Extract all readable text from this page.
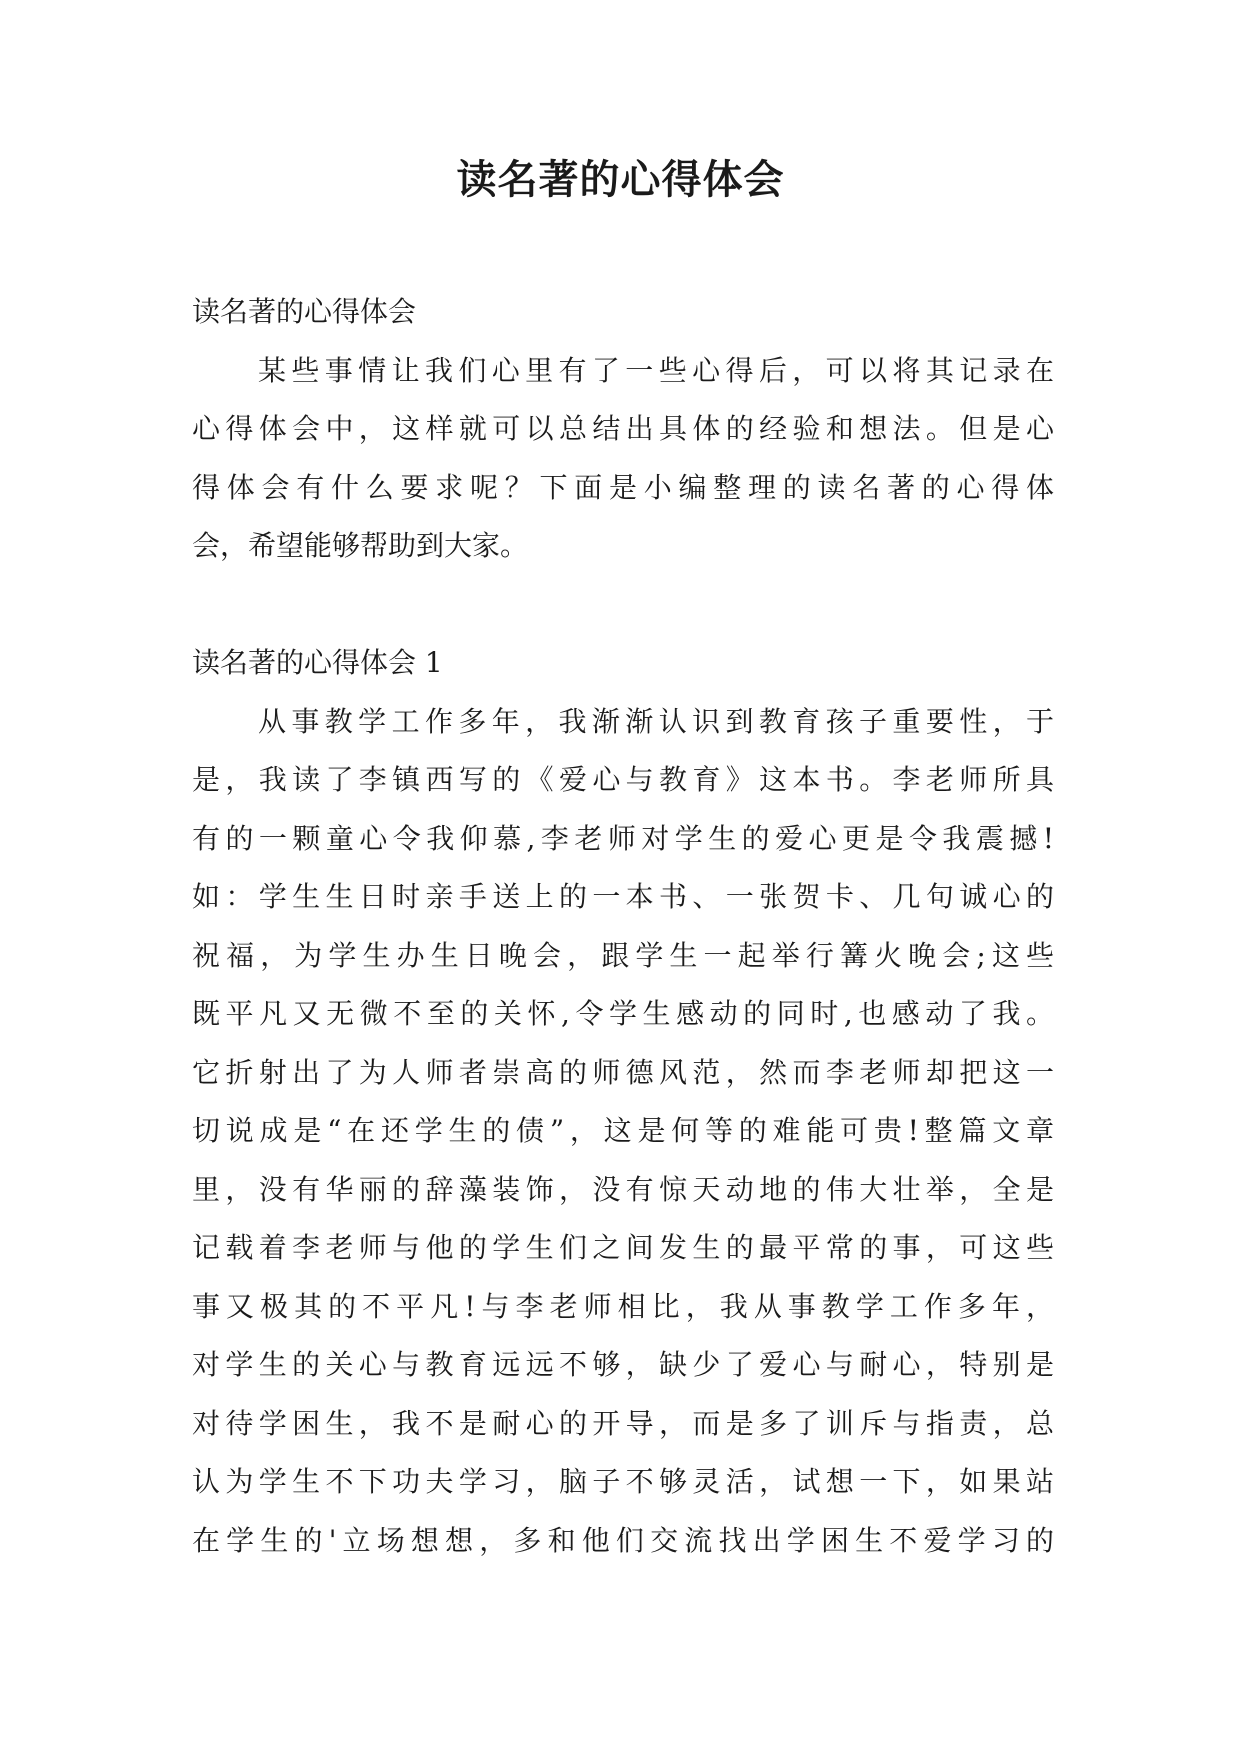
读名著的心得体会
读名著的心得体会
某些事情让我们心里有了一些心得后，可以将其记录在
心得体会中，这样就可以总结出具体的经验和想法。但是心
得体会有什么要求呢？下面是小编整理的读名著的心得体
会，希望能够帮助到大家。
读名著的心得体会 1
从事教学工作多年，我渐渐认识到教育孩子重要性，于
是，我读了李镇西写的《爱心与教育》这本书。李老师所具
有的一颗童心令我仰慕,李老师对学生的爱心更是令我震撼!
如：学生生日时亲手送上的一本书、一张贺卡、几句诚心的
祝福，为学生办生日晚会，跟学生一起举行篝火晚会;这些
既平凡又无微不至的关怀,令学生感动的同时,也感动了我。
它折射出了为人师者崇高的师德风范，然而李老师却把这一
切说成是“在还学生的债”，这是何等的难能可贵!整篇文章
里，没有华丽的辞藻装饰，没有惊天动地的伟大壮举，全是
记载着李老师与他的学生们之间发生的最平常的事，可这些
事又极其的不平凡!与李老师相比，我从事教学工作多年，
对学生的关心与教育远远不够，缺少了爱心与耐心，特别是
对待学困生，我不是耐心的开导，而是多了训斥与指责，总
认为学生不下功夫学习，脑子不够灵活，试想一下，如果站
在学生的'立场想想，多和他们交流找出学困生不爱学习的
